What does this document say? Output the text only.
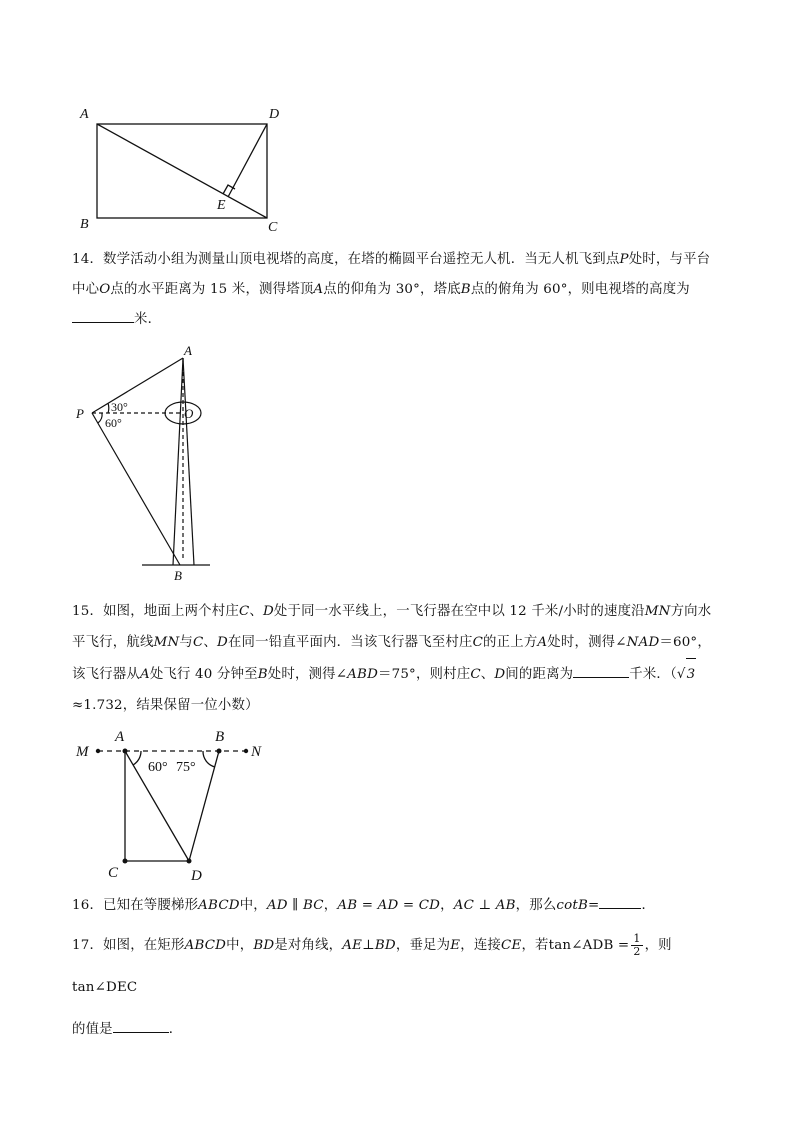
A	D
B	C
E

14．数学活动小组为测量山顶电视塔的高度，在塔的椭圆平台遥控无人机．当无人机飞到点P处时，与平台中心O点的水平距离为 15 米，测得塔顶A点的仰角为 30°，塔底B点的俯角为 60°，则电视塔的高度为
米．

A
P	O
B
30°
60°

15．如图，地面上两个村庄C、D处于同一水平线上，一飞行器在空中以 12 千米/小时的速度沿MN方向水平飞行，航线MN与C、D在同一铅直平面内．当该飞行器飞至村庄C的正上方A处时，测得∠NAD＝60°，该飞行器从A处飞行 40 分钟至B处时，测得∠ABD＝75°，则村庄C、D间的距离为	千米．（√3
≈1.732，结果保留一位小数）

M
A	B
N
C	D
60° 75°

16．已知在等腰梯形ABCD中，AD ∥ BC，AB = AD = CD，AC ⊥ AB，那么cotB=	．

17．如图，在矩形ABCD中，BD是对角线，AE⊥BD，垂足为E，连接CE，若tan∠ADB = $\frac{1}{2}$ ，则tan∠DEC
的值是	．
